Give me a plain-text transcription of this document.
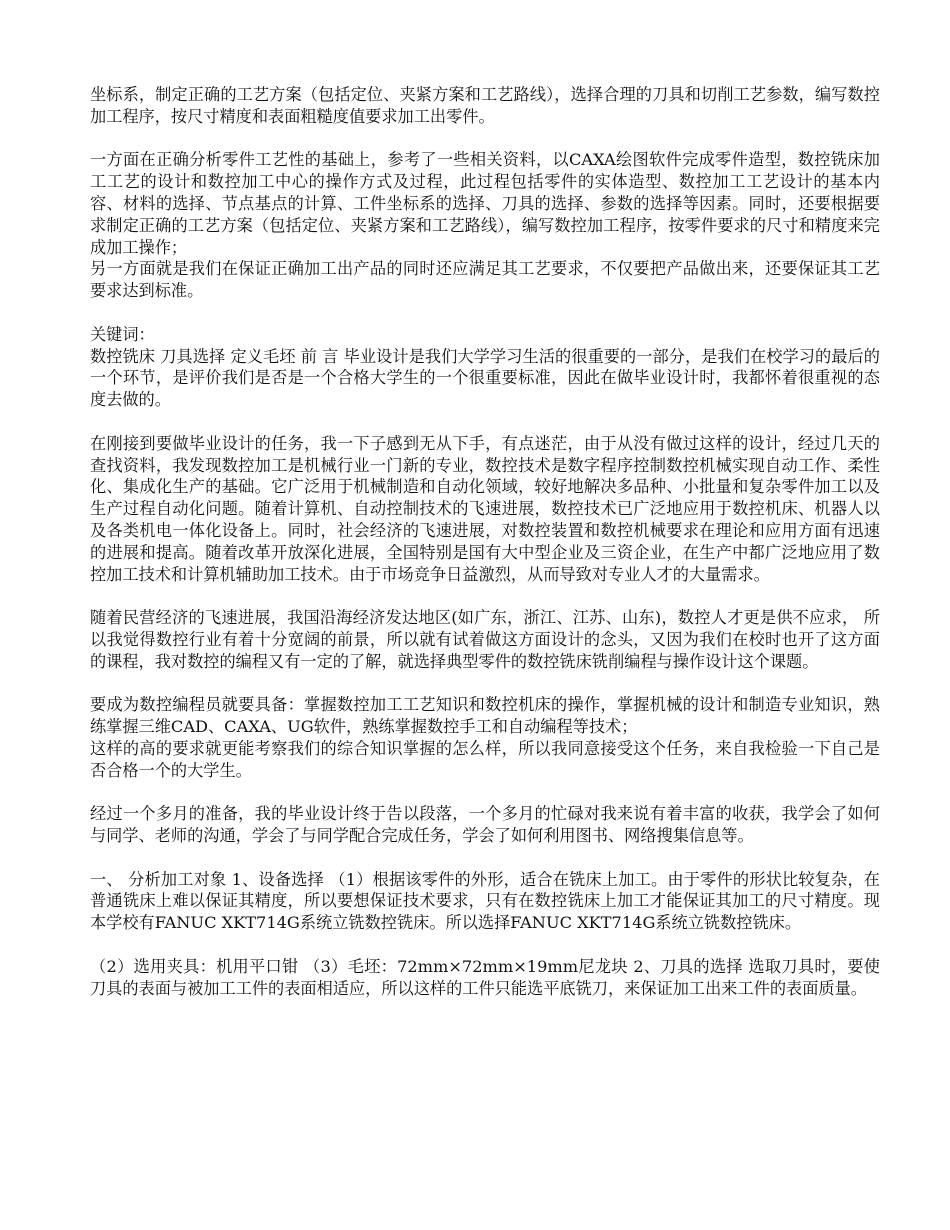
坐标系，制定正确的工艺方案（包括定位、夹紧方案和工艺路线），选择合理的刀具和切削工艺参数，编写数控加工程序，按尺寸精度和表面粗糙度值要求加工出零件。

一方面在正确分析零件工艺性的基础上，参考了一些相关资料，以CAXA绘图软件完成零件造型，数控铣床加工工艺的设计和数控加工中心的操作方式及过程，此过程包括零件的实体造型、数控加工工艺设计的基本内容、材料的选择、节点基点的计算、工件坐标系的选择、刀具的选择、参数的选择等因素。同时，还要根据要求制定正确的工艺方案（包括定位、夹紧方案和工艺路线），编写数控加工程序，按零件要求的尺寸和精度来完成加工操作；

另一方面就是我们在保证正确加工出产品的同时还应满足其工艺要求，不仅要把产品做出来，还要保证其工艺要求达到标准。

关键词：

数控铣床 刀具选择 定义毛坯 前 言 毕业设计是我们大学学习生活的很重要的一部分，是我们在校学习的最后的一个环节，是评价我们是否是一个合格大学生的一个很重要标准，因此在做毕业设计时，我都怀着很重视的态度去做的。

在刚接到要做毕业设计的任务，我一下子感到无从下手，有点迷茫，由于从没有做过这样的设计，经过几天的查找资料，我发现数控加工是机械行业一门新的专业，数控技术是数字程序控制数控机械实现自动工作、柔性化、集成化生产的基础。它广泛用于机械制造和自动化领域，较好地解决多品种、小批量和复杂零件加工以及生产过程自动化问题。随着计算机、自动控制技术的飞速进展，数控技术已广泛地应用于数控机床、机器人以及各类机电一体化设备上。同时，社会经济的飞速进展，对数控装置和数控机械要求在理论和应用方面有迅速的进展和提高。随着改革开放深化进展，全国特别是国有大中型企业及三资企业，在生产中都广泛地应用了数控加工技术和计算机辅助加工技术。由于市场竞争日益激烈，从而导致对专业人才的大量需求。

随着民营经济的飞速进展，我国沿海经济发达地区(如广东，浙江、江苏、山东)，数控人才更是供不应求， 所以我觉得数控行业有着十分宽阔的前景，所以就有试着做这方面设计的念头，又因为我们在校时也开了这方面的课程，我对数控的编程又有一定的了解，就选择典型零件的数控铣床铣削编程与操作设计这个课题。

要成为数控编程员就要具备：掌握数控加工工艺知识和数控机床的操作，掌握机械的设计和制造专业知识，熟练掌握三维CAD、CAXA、UG软件，熟练掌握数控手工和自动编程等技术；

这样的高的要求就更能考察我们的综合知识掌握的怎么样，所以我同意接受这个任务，来自我检验一下自己是否合格一个的大学生。

经过一个多月的准备，我的毕业设计终于告以段落，一个多月的忙碌对我来说有着丰富的收获，我学会了如何与同学、老师的沟通，学会了与同学配合完成任务，学会了如何利用图书、网络搜集信息等。

一、 分析加工对象 1、设备选择 （1）根据该零件的外形，适合在铣床上加工。由于零件的形状比较复杂，在普通铣床上难以保证其精度，所以要想保证技术要求，只有在数控铣床上加工才能保证其加工的尺寸精度。现本学校有FANUC XKT714G系统立铣数控铣床。所以选择FANUC XKT714G系统立铣数控铣床。

（2）选用夹具：机用平口钳 （3）毛坯：72mm×72mm×19mm尼龙块 2、刀具的选择 选取刀具时，要使刀具的表面与被加工工件的表面相适应，所以这样的工件只能选平底铣刀，来保证加工出来工件的表面质量。
